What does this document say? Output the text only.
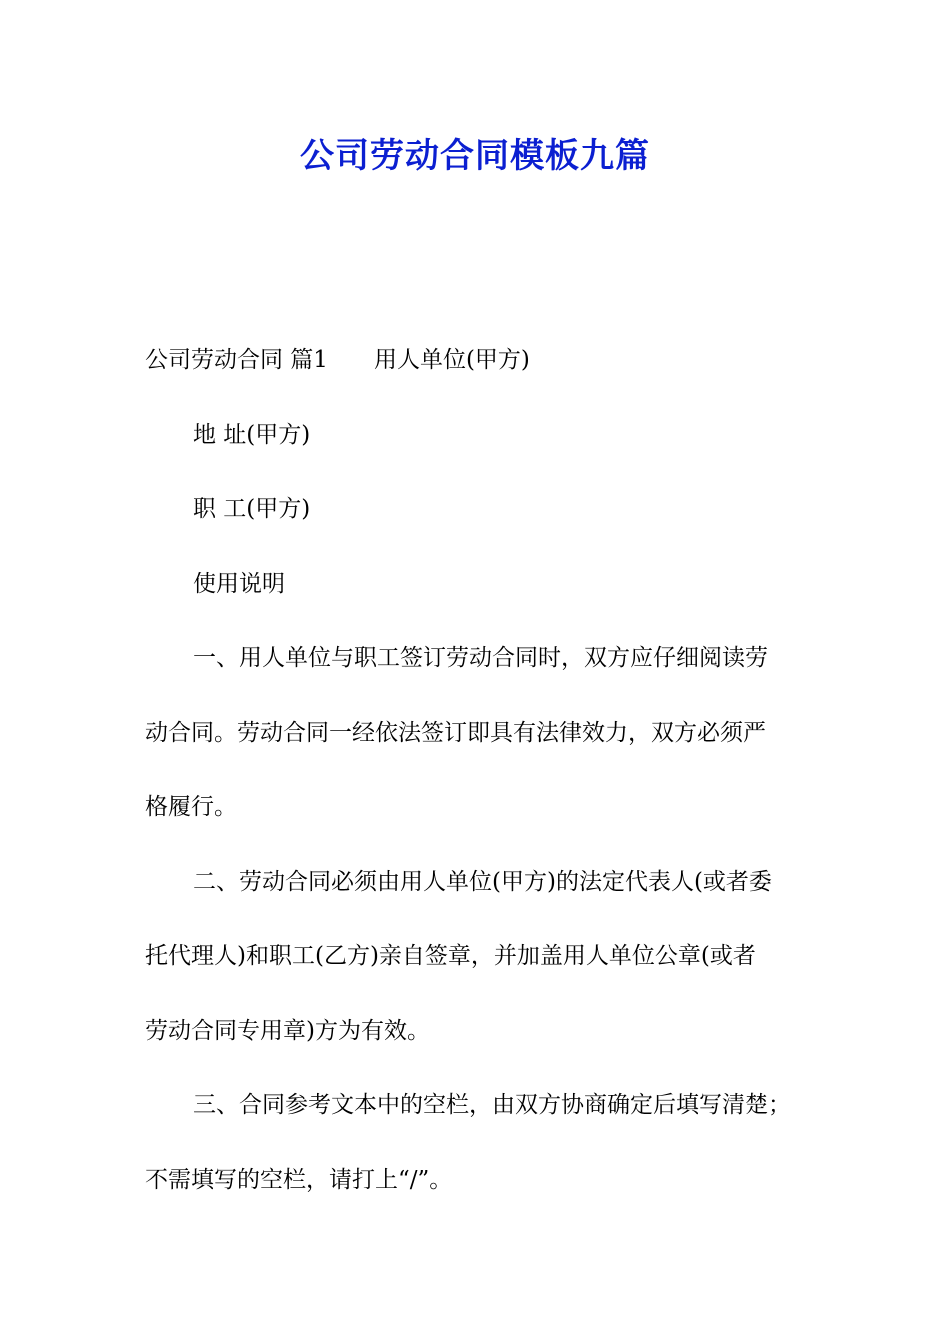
公司劳动合同模板九篇
公司劳动合同 篇1 用人单位(甲方)
地 址(甲方)
职 工(甲方)
使用说明
一、用人单位与职工签订劳动合同时，双方应仔细阅读劳
动合同。劳动合同一经依法签订即具有法律效力，双方必须严
格履行。
二、劳动合同必须由用人单位(甲方)的法定代表人(或者委
托代理人)和职工(乙方)亲自签章，并加盖用人单位公章(或者
劳动合同专用章)方为有效。
三、合同参考文本中的空栏，由双方协商确定后填写清楚；
不需填写的空栏，请打上“/”。
